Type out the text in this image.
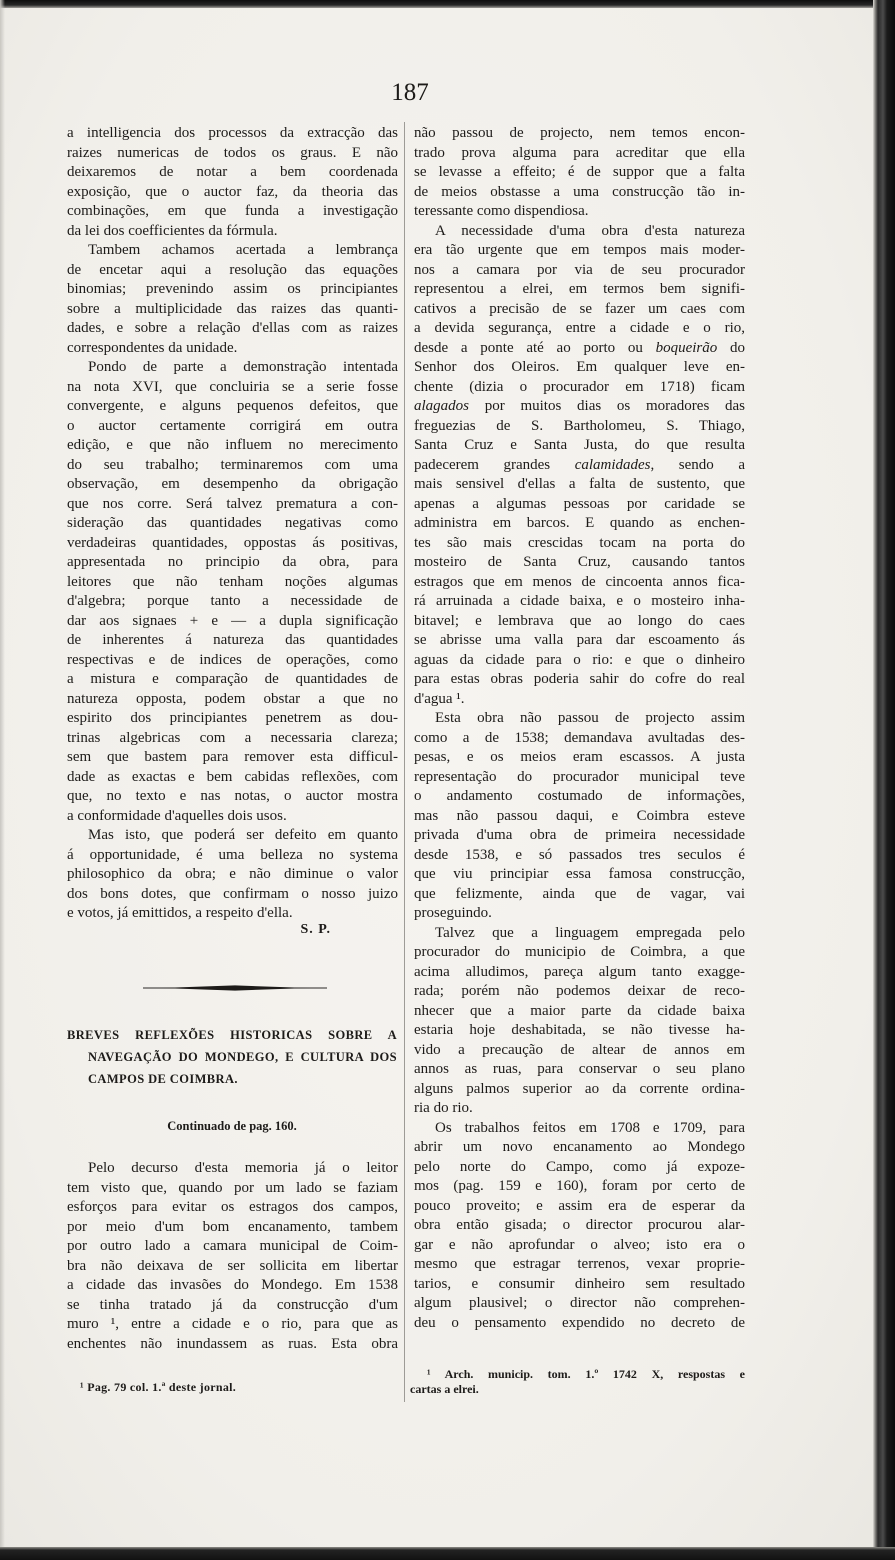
187
a intelligencia dos processos da extracção das
raizes numericas de todos os graus. E não
deixaremos de notar a bem coordenada
exposição, que o auctor faz, da theoria das
combinações, em que funda a investigação
da lei dos coefficientes da fórmula.
Tambem achamos acertada a lembrança
de encetar aqui a resolução das equações
binomias; prevenindo assim os principiantes
sobre a multiplicidade das raizes das quanti-
dades, e sobre a relação d'ellas com as raizes
correspondentes da unidade.
Pondo de parte a demonstração intentada
na nota XVI, que concluiria se a serie fosse
convergente, e alguns pequenos defeitos, que
o auctor certamente corrigirá em outra
edição, e que não influem no merecimento
do seu trabalho; terminaremos com uma
observação, em desempenho da obrigação
que nos corre. Será talvez prematura a con-
sideração das quantidades negativas como
verdadeiras quantidades, oppostas ás positivas,
appresentada no principio da obra, para
leitores que não tenham noções algumas
d'algebra; porque tanto a necessidade de
dar aos signaes + e — a dupla significação
de inherentes á natureza das quantidades
respectivas e de indices de operações, como
a mistura e comparação de quantidades de
natureza opposta, podem obstar a que no
espirito dos principiantes penetrem as dou-
trinas algebricas com a necessaria clareza;
sem que bastem para remover esta difficul-
dade as exactas e bem cabidas reflexões, com
que, no texto e nas notas, o auctor mostra
a conformidade d'aquelles dois usos.
Mas isto, que poderá ser defeito em quanto
á opportunidade, é uma belleza no systema
philosophico da obra; e não diminue o valor
dos bons dotes, que confirmam o nosso juizo
e votos, já emittidos, a respeito d'ella.
S. P.
BREVES REFLEXÕES HISTORICAS SOBRE A
NAVEGAÇÃO DO MONDEGO, E CULTURA DOS
CAMPOS DE COIMBRA.
Continuado de pag. 160.
Pelo decurso d'esta memoria já o leitor
tem visto que, quando por um lado se faziam
esforços para evitar os estragos dos campos,
por meio d'um bom encanamento, tambem
por outro lado a camara municipal de Coim-
bra não deixava de ser sollicita em libertar
a cidade das invasões do Mondego. Em 1538
se tinha tratado já da construcção d'um
muro ¹, entre a cidade e o rio, para que as
enchentes não inundassem as ruas. Esta obra
não passou de projecto, nem temos encon-
trado prova alguma para acreditar que ella
se levasse a effeito; é de suppor que a falta
de meios obstasse a uma construcção tão in-
teressante como dispendiosa.
A necessidade d'uma obra d'esta natureza
era tão urgente que em tempos mais moder-
nos a camara por via de seu procurador
representou a elrei, em termos bem signifi-
cativos a precisão de se fazer um caes com
a devida segurança, entre a cidade e o rio,
desde a ponte até ao porto ou boqueirão do
Senhor dos Oleiros. Em qualquer leve en-
chente (dizia o procurador em 1718) ficam
alagados por muitos dias os moradores das
freguezias de S. Bartholomeu, S. Thiago,
Santa Cruz e Santa Justa, do que resulta
padecerem grandes calamidades, sendo a
mais sensivel d'ellas a falta de sustento, que
apenas a algumas pessoas por caridade se
administra em barcos. E quando as enchen-
tes são mais crescidas tocam na porta do
mosteiro de Santa Cruz, causando tantos
estragos que em menos de cincoenta annos fica-
rá arruinada a cidade baixa, e o mosteiro inha-
bitavel; e lembrava que ao longo do caes
se abrisse uma valla para dar escoamento ás
aguas da cidade para o rio: e que o dinheiro
para estas obras poderia sahir do cofre do real
d'agua ¹.
Esta obra não passou de projecto assim
como a de 1538; demandava avultadas des-
pesas, e os meios eram escassos. A justa
representação do procurador municipal teve
o andamento costumado de informações,
mas não passou daqui, e Coimbra esteve
privada d'uma obra de primeira necessidade
desde 1538, e só passados tres seculos é
que viu principiar essa famosa construcção,
que felizmente, ainda que de vagar, vai
proseguindo.
Talvez que a linguagem empregada pelo
procurador do municipio de Coimbra, a que
acima alludimos, pareça algum tanto exagge-
rada; porém não podemos deixar de reco-
nhecer que a maior parte da cidade baixa
estaria hoje deshabitada, se não tivesse ha-
vido a precaução de altear de annos em
annos as ruas, para conservar o seu plano
alguns palmos superior ao da corrente ordina-
ria do rio.
Os trabalhos feitos em 1708 e 1709, para
abrir um novo encanamento ao Mondego
pelo norte do Campo, como já expoze-
mos (pag. 159 e 160), foram por certo de
pouco proveito; e assim era de esperar da
obra então gisada; o director procurou alar-
gar e não aprofundar o alveo; isto era o
mesmo que estragar terrenos, vexar proprie-
tarios, e consumir dinheiro sem resultado
algum plausivel; o director não comprehen-
deu o pensamento expendido no decreto de
¹ Pag. 79 col. 1.ª deste jornal.
¹ Arch. municip. tom. 1.º 1742 X, respostas e
cartas a elrei.
